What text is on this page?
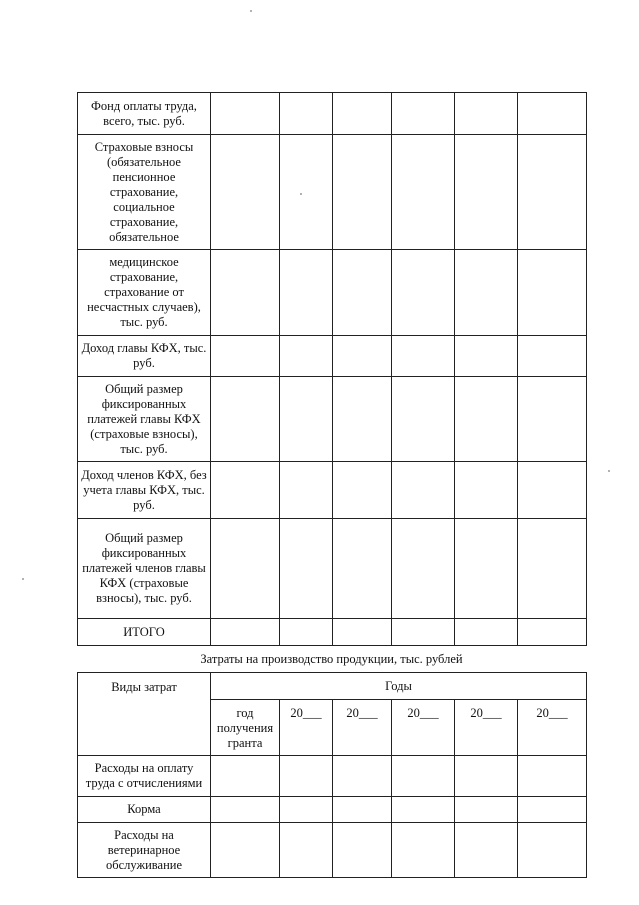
Фонд оплаты труда, всего, тыс. руб.						
Страховые взносы (обязательное пенсионное страхование, социальное страхование, обязательное						
медицинское страхование, страхование от несчастных случаев), тыс. руб.						
Доход главы КФХ, тыс. руб.						
Общий размер фиксированных платежей главы КФХ (страховые взносы), тыс. руб.						
Доход членов КФХ, без учета главы КФХ, тыс. руб.						
Общий размер фиксированных платежей членов главы КФХ (страховые взносы), тыс. руб.						
ИТОГО						
Затраты на производство продукции, тыс. рублей
Виды затрат	Годы					
	год получения гранта	20___	20___	20___	20___	20___
Расходы на оплату труда с отчислениями						
Корма						
Расходы на ветеринарное обслуживание						
